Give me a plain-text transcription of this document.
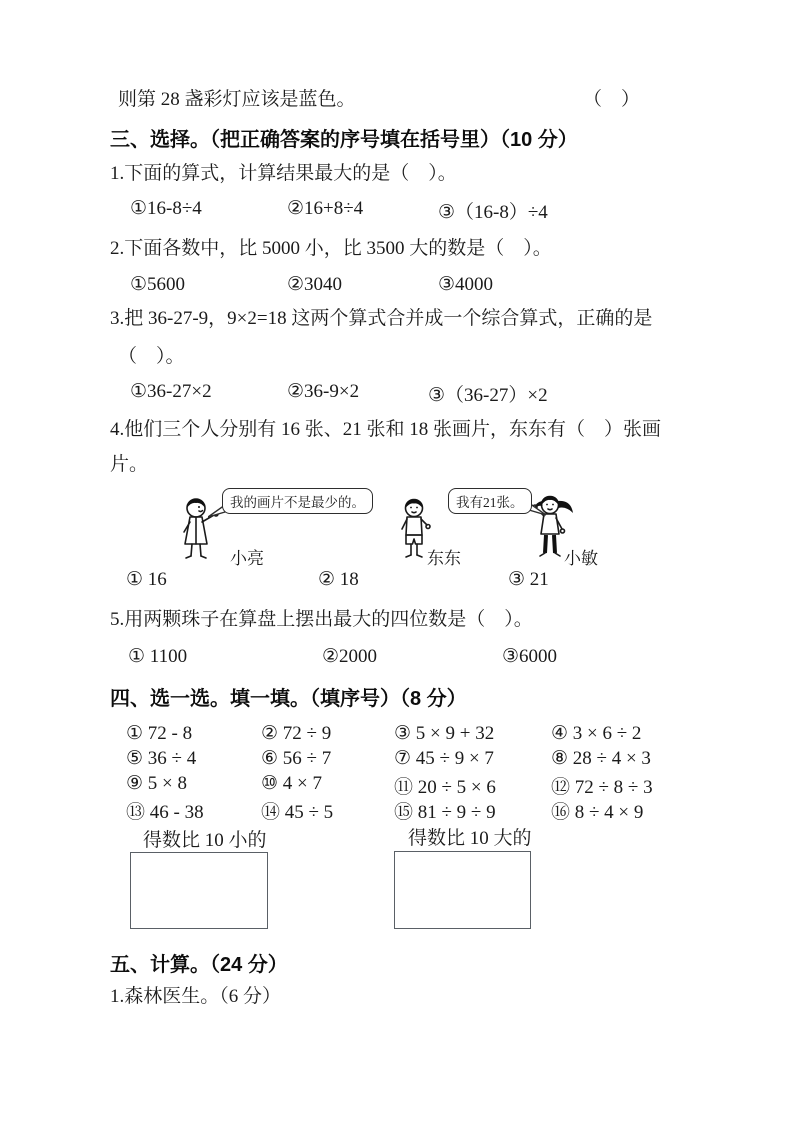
则第 28 盏彩灯应该是蓝色。	（　）
三、选择。（把正确答案的序号填在括号里）（10 分）
1.下面的算式，计算结果最大的是（　）。
①16-8÷4	②16+8÷4	③（16-8）÷4
2.下面各数中，比 5000 小，比 3500 大的数是（　）。
①5600	②3040	③4000
3.把 36-27-9，9×2=18 这两个算式合并成一个综合算式，正确的是
（　）。
①36-27×2	②36-9×2	③（36-27）×2
4.他们三个人分别有 16 张、21 张和 18 张画片，东东有（　）张画
片。
我的画片不是最少的。
小亮	东东
我有21张。
小敏
① 16	② 18	③ 21
5.用两颗珠子在算盘上摆出最大的四位数是（　）。
① 1100	②2000	③6000
四、选一选。填一填。（填序号）（8 分）
① 72 - 8	② 72 ÷ 9	③ 5 × 9 + 32	④ 3 × 6 ÷ 2
⑤ 36 ÷ 4	⑥ 56 ÷ 7	⑦ 45 ÷ 9 × 7	⑧ 28 ÷ 4 × 3
⑨ 5 × 8	⑩ 4 × 7	⑪ 20 ÷ 5 × 6	⑫ 72 ÷ 8 ÷ 3
⑬ 46 - 38	⑭ 45 ÷ 5	⑮ 81 ÷ 9 ÷ 9	⑯ 8 ÷ 4 × 9
得数比 10 小的	得数比 10 大的
五、计算。（24 分）
1.森林医生。（6 分）
